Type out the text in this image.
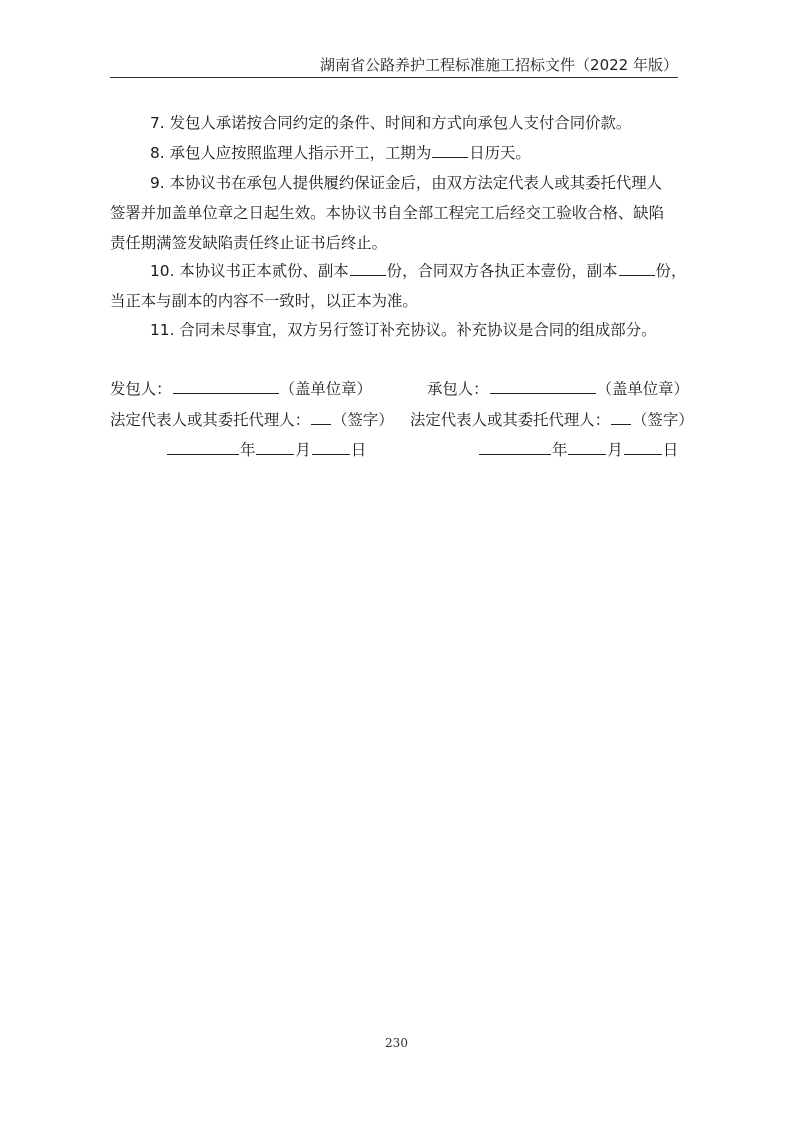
湖南省公路养护工程标准施工招标文件（2022 年版）
7. 发包人承诺按合同约定的条件、时间和方式向承包人支付合同价款。
8. 承包人应按照监理人指示开工，工期为 日历天。
9. 本协议书在承包人提供履约保证金后，由双方法定代表人或其委托代理人
签署并加盖单位章之日起生效。本协议书自全部工程完工后经交工验收合格、缺陷
责任期满签发缺陷责任终止证书后终止。
10. 本协议书正本贰份、副本 份，合同双方各执正本壹份，副本 份，
当正本与副本的内容不一致时，以正本为准。
11. 合同未尽事宜，双方另行签订补充协议。补充协议是合同的组成部分。
发包人：	（盖单位章）	承包人：	（盖单位章）
法定代表人或其委托代理人： （签字） 法定代表人或其委托代理人： （签字）
年	月	日	年	月	日
230
